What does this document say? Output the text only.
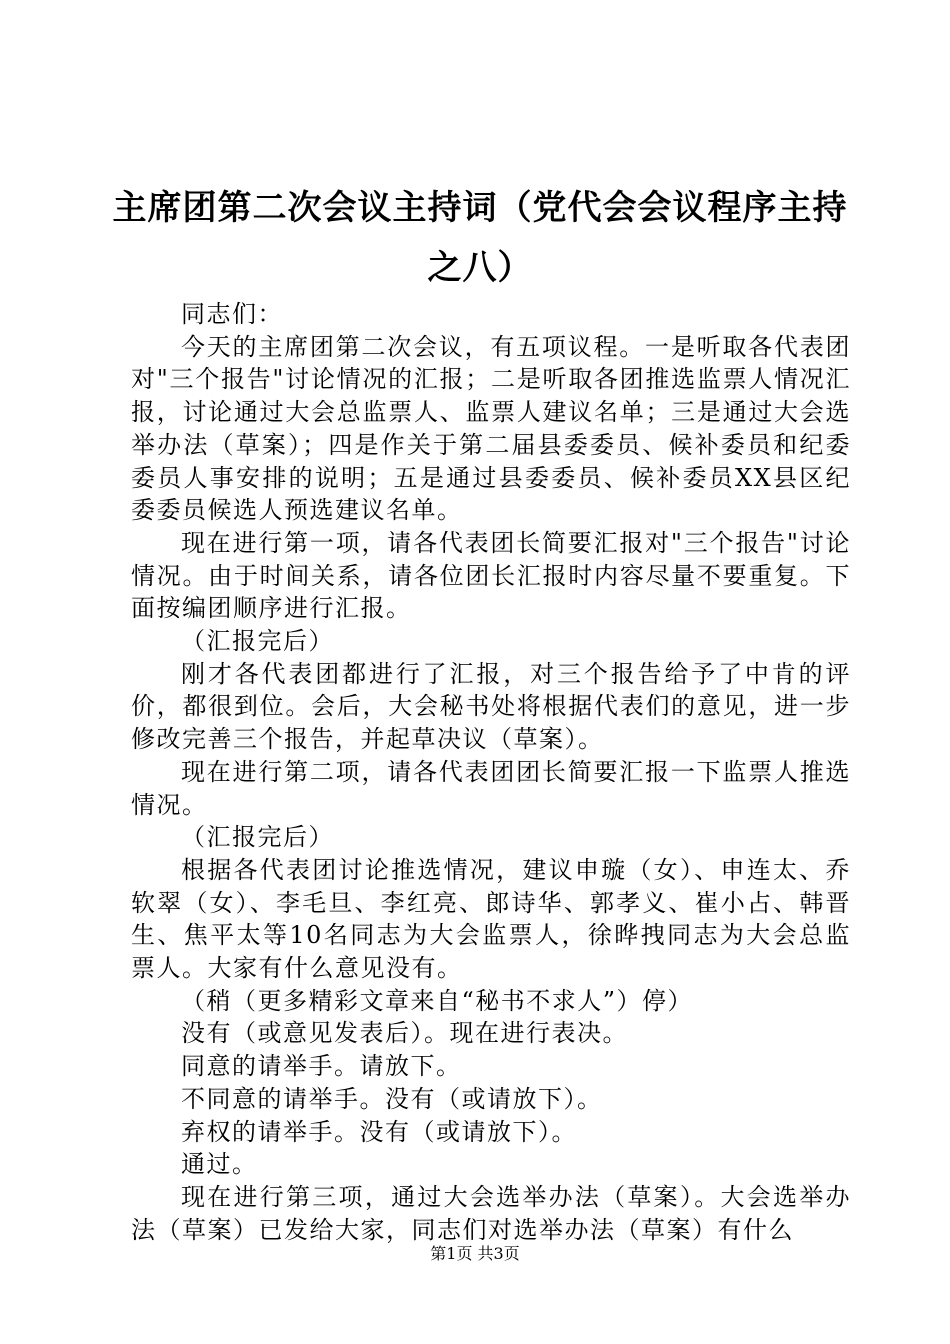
主席团第二次会议主持词（党代会会议程序主持之八）

同志们：

今天的主席团第二次会议，有五项议程。一是听取各代表团对"三个报告"讨论情况的汇报；二是听取各团推选监票人情况汇报，讨论通过大会总监票人、监票人建议名单；三是通过大会选举办法（草案）；四是作关于第二届县委委员、候补委员和纪委委员人事安排的说明；五是通过县委委员、候补委员XX县区纪委委员候选人预选建议名单。

现在进行第一项，请各代表团长简要汇报对"三个报告"讨论情况。由于时间关系，请各位团长汇报时内容尽量不要重复。下面按编团顺序进行汇报。

（汇报完后）

刚才各代表团都进行了汇报，对三个报告给予了中肯的评价，都很到位。会后，大会秘书处将根据代表们的意见，进一步修改完善三个报告，并起草决议（草案）。

现在进行第二项，请各代表团团长简要汇报一下监票人推选情况。

（汇报完后）

根据各代表团讨论推选情况，建议申璇（女）、申连太、乔软翠（女）、李毛旦、李红亮、郎诗华、郭孝义、崔小占、韩晋生、焦平太等10名同志为大会监票人，徐晔拽同志为大会总监票人。大家有什么意见没有。

（稍（更多精彩文章来自“秘书不求人”）停）

没有（或意见发表后）。现在进行表决。

同意的请举手。请放下。

不同意的请举手。没有（或请放下）。

弃权的请举手。没有（或请放下）。

通过。

现在进行第三项，通过大会选举办法（草案）。大会选举办法（草案）已发给大家，同志们对选举办法（草案）有什么

第1页 共3页
